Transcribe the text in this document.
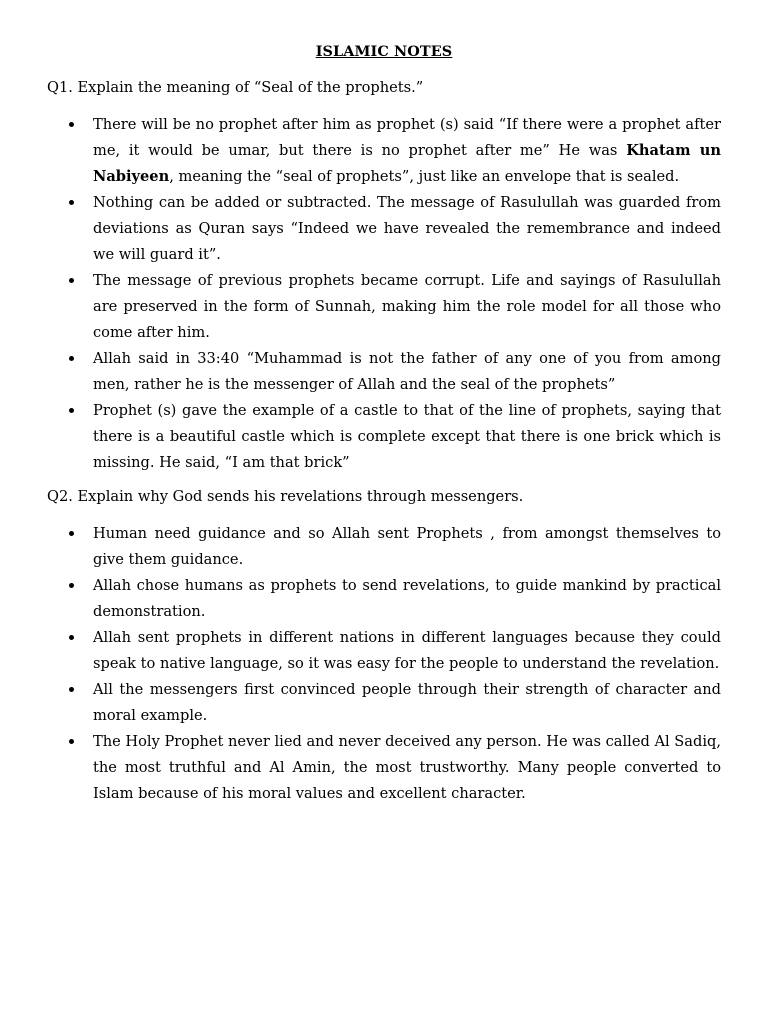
ISLAMIC NOTES
Q1. Explain the meaning of “Seal of the prophets.”
There will be no prophet after him as prophet (s) said “If there were a prophet after me, it would be umar, but there is no prophet after me” He was Khatam un Nabiyeen, meaning the “seal of prophets”, just like an envelope that is sealed.
Nothing can be added or subtracted. The message of Rasulullah was guarded from deviations as Quran says “Indeed we have revealed the remembrance and indeed we will guard it”.
The message of previous prophets became corrupt. Life and sayings of Rasulullah are preserved in the form of Sunnah, making him the role model for all those who come after him.
Allah said in 33:40 “Muhammad is not the father of any one of you from among men, rather he is the messenger of Allah and the seal of the prophets”
Prophet (s) gave the example of a castle to that of the line of prophets, saying that there is a beautiful castle which is complete except that there is one brick which is missing. He said, “I am that brick”
Q2. Explain why God sends his revelations through messengers.
Human need guidance and so Allah sent Prophets , from amongst themselves to give them guidance.
Allah chose humans as prophets to send revelations, to guide mankind by practical demonstration.
Allah sent prophets in different nations in different languages because they could speak to native language, so it was easy for the people to understand the revelation.
All the messengers first convinced people through their strength of character and moral example.
The Holy Prophet never lied and never deceived any person. He was called Al Sadiq, the most truthful and Al Amin, the most trustworthy. Many people converted to Islam because of his moral values and excellent character.
